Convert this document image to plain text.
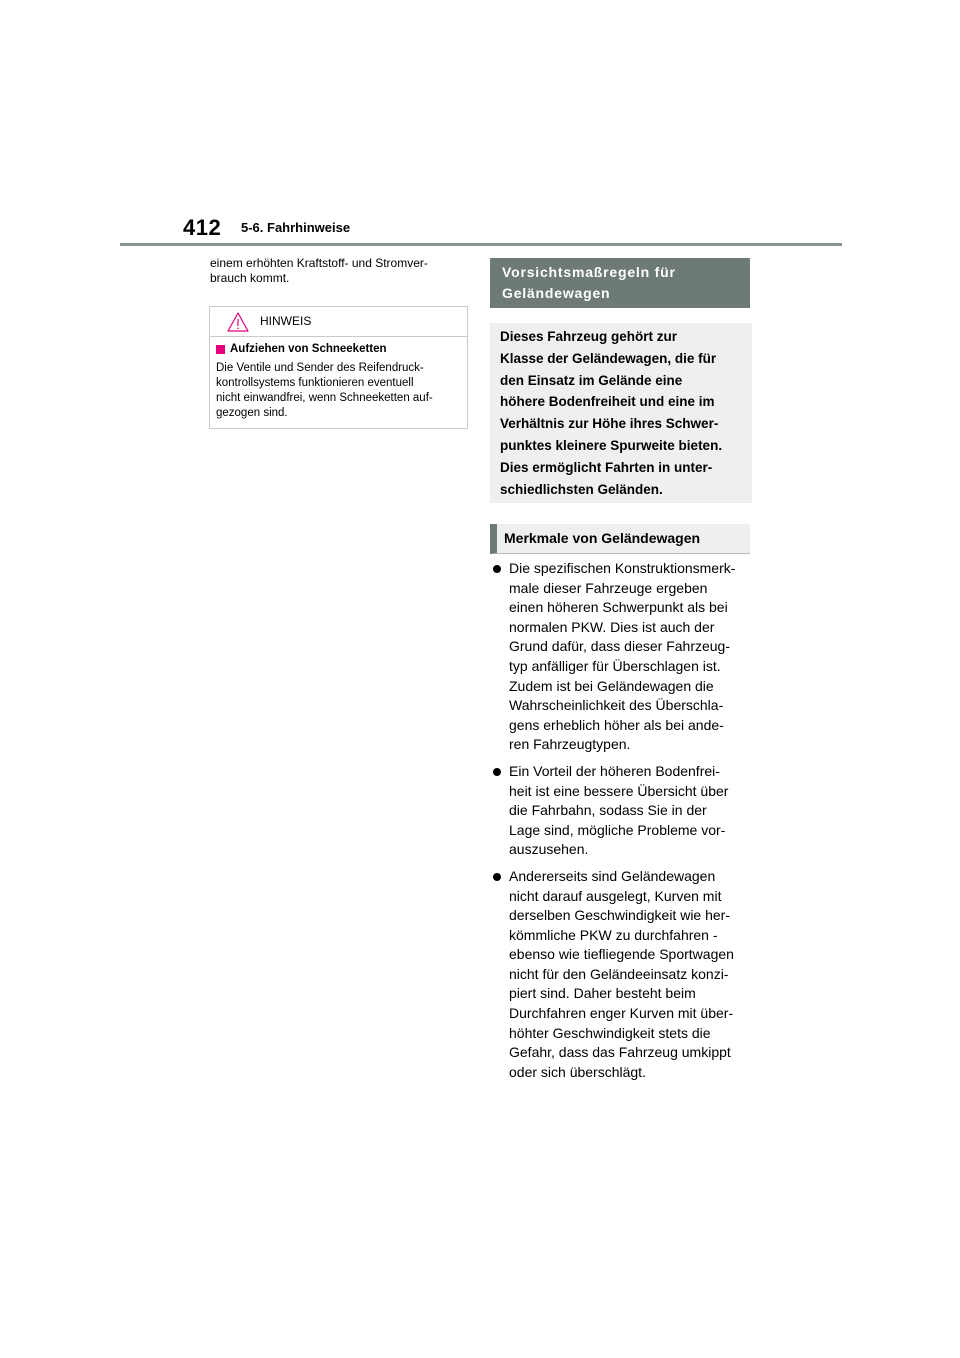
412 5-6. Fahrhinweise

einem erhöhten Kraftstoff- und Stromver-
brauch kommt.

HINWEIS

Aufziehen von Schneeketten

Die Ventile und Sender des Reifendruck-
kontrollsystems funktionieren eventuell
nicht einwandfrei, wenn Schneeketten auf-
gezogen sind.

Vorsichtsmaßregeln für
Geländewagen

Dieses Fahrzeug gehört zur
Klasse der Geländewagen, die für
den Einsatz im Gelände eine
höhere Bodenfreiheit und eine im
Verhältnis zur Höhe ihres Schwer-
punktes kleinere Spurweite bieten.
Dies ermöglicht Fahrten in unter-
schiedlichsten Geländen.

Merkmale von Geländewagen
Die spezifischen Konstruktionsmerk-
male dieser Fahrzeuge ergeben
einen höheren Schwerpunkt als bei
normalen PKW. Dies ist auch der
Grund dafür, dass dieser Fahrzeug-
typ anfälliger für Überschlagen ist.
Zudem ist bei Geländewagen die
Wahrscheinlichkeit des Überschla-
gens erheblich höher als bei ande-
ren Fahrzeugtypen.
Ein Vorteil der höheren Bodenfrei-
heit ist eine bessere Übersicht über
die Fahrbahn, sodass Sie in der
Lage sind, mögliche Probleme vor-
auszusehen.
Andererseits sind Geländewagen
nicht darauf ausgelegt, Kurven mit
derselben Geschwindigkeit wie her-
kömmliche PKW zu durchfahren -
ebenso wie tiefliegende Sportwagen
nicht für den Geländeeinsatz konzi-
piert sind. Daher besteht beim
Durchfahren enger Kurven mit über-
höhter Geschwindigkeit stets die
Gefahr, dass das Fahrzeug umkippt
oder sich überschlägt.
